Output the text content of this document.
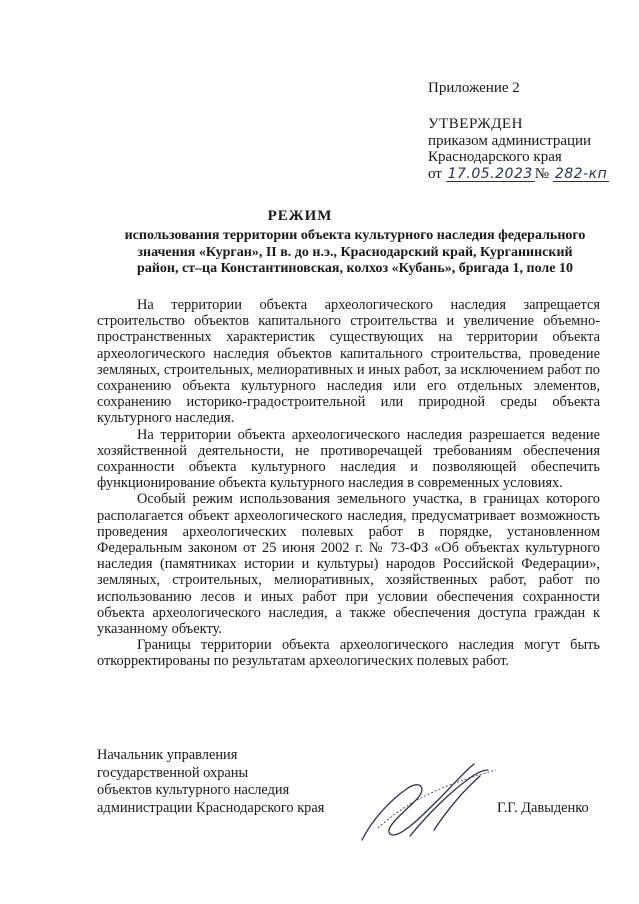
Приложение 2
УТВЕРЖДЕН
приказом администрации
Краснодарского края
от 17.05.2023 № 282-кп
РЕЖИМ
использования территории объекта культурного наследия федерального
значения «Курган», II в. до н.э., Краснодарский край, Курганинский
район, ст–ца Константиновская, колхоз «Кубань», бригада 1, поле 10

На территории объекта археологического наследия запрещается строительство объектов капитального строительства и увеличение объемно-пространственных характеристик существующих на территории объекта археологического наследия объектов капитального строительства, проведение земляных, строительных, мелиоративных и иных работ, за исключением работ по сохранению объекта культурного наследия или его отдельных элементов, сохранению историко-градостроительной или природной среды объекта культурного наследия.

На территории объекта археологического наследия разрешается ведение хозяйственной деятельности, не противоречащей требованиям обеспечения сохранности объекта культурного наследия и позволяющей обеспечить функционирование объекта культурного наследия в современных условиях.

Особый режим использования земельного участка, в границах которого располагается объект археологического наследия, предусматривает возможность проведения археологических полевых работ в порядке, установленном Федеральным законом от 25 июня 2002 г. № 73-ФЗ «Об объектах культурного наследия (памятниках истории и культуры) народов Российской Федерации», земляных, строительных, мелиоративных, хозяйственных работ, работ по использованию лесов и иных работ при условии обеспечения сохранности объекта археологического наследия, а также обеспечения доступа граждан к указанному объекту.

Границы территории объекта археологического наследия могут быть откорректированы по результатам археологических полевых работ.

Начальник управления
государственной охраны
объектов культурного наследия
администрации Краснодарского края	Г.Г. Давыденко
